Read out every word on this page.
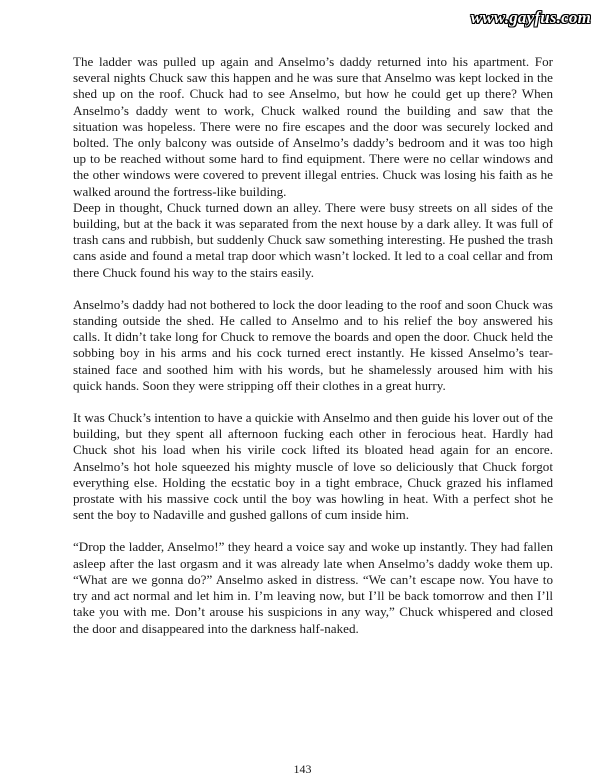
www.gayfus.com

The ladder was pulled up again and Anselmo’s daddy returned into his apartment. For several nights Chuck saw this happen and he was sure that Anselmo was kept locked in the shed up on the roof. Chuck had to see Anselmo, but how he could get up there? When Anselmo’s daddy went to work, Chuck walked round the building and saw that the situation was hopeless. There were no fire escapes and the door was securely locked and bolted. The only balcony was outside of Anselmo’s daddy’s bedroom and it was too high up to be reached without some hard to find equipment. There were no cellar windows and the other windows were covered to prevent illegal entries. Chuck was losing his faith as he walked around the fortress-like building.

Deep in thought, Chuck turned down an alley. There were busy streets on all sides of the building, but at the back it was separated from the next house by a dark alley. It was full of trash cans and rubbish, but suddenly Chuck saw something interesting. He pushed the trash cans aside and found a metal trap door which wasn’t locked. It led to a coal cellar and from there Chuck found his way to the stairs easily.

Anselmo’s daddy had not bothered to lock the door leading to the roof and soon Chuck was standing outside the shed. He called to Anselmo and to his relief the boy answered his calls. It didn’t take long for Chuck to remove the boards and open the door. Chuck held the sobbing boy in his arms and his cock turned erect instantly. He kissed Anselmo’s tear-stained face and soothed him with his words, but he shamelessly aroused him with his quick hands. Soon they were stripping off their clothes in a great hurry.

It was Chuck’s intention to have a quickie with Anselmo and then guide his lover out of the building, but they spent all afternoon fucking each other in ferocious heat. Hardly had Chuck shot his load when his virile cock lifted its bloated head again for an encore. Anselmo’s hot hole squeezed his mighty muscle of love so deliciously that Chuck forgot everything else. Holding the ecstatic boy in a tight embrace, Chuck grazed his inflamed prostate with his massive cock until the boy was howling in heat. With a perfect shot he sent the boy to Nadaville and gushed gallons of cum inside him.

“Drop the ladder, Anselmo!” they heard a voice say and woke up instantly. They had fallen asleep after the last orgasm and it was already late when Anselmo’s daddy woke them up. “What are we gonna do?” Anselmo asked in distress. “We can’t escape now. You have to try and act normal and let him in. I’m leaving now, but I’ll be back tomorrow and then I’ll take you with me. Don’t arouse his suspicions in any way,” Chuck whispered and closed the door and disappeared into the darkness half-naked.

143
